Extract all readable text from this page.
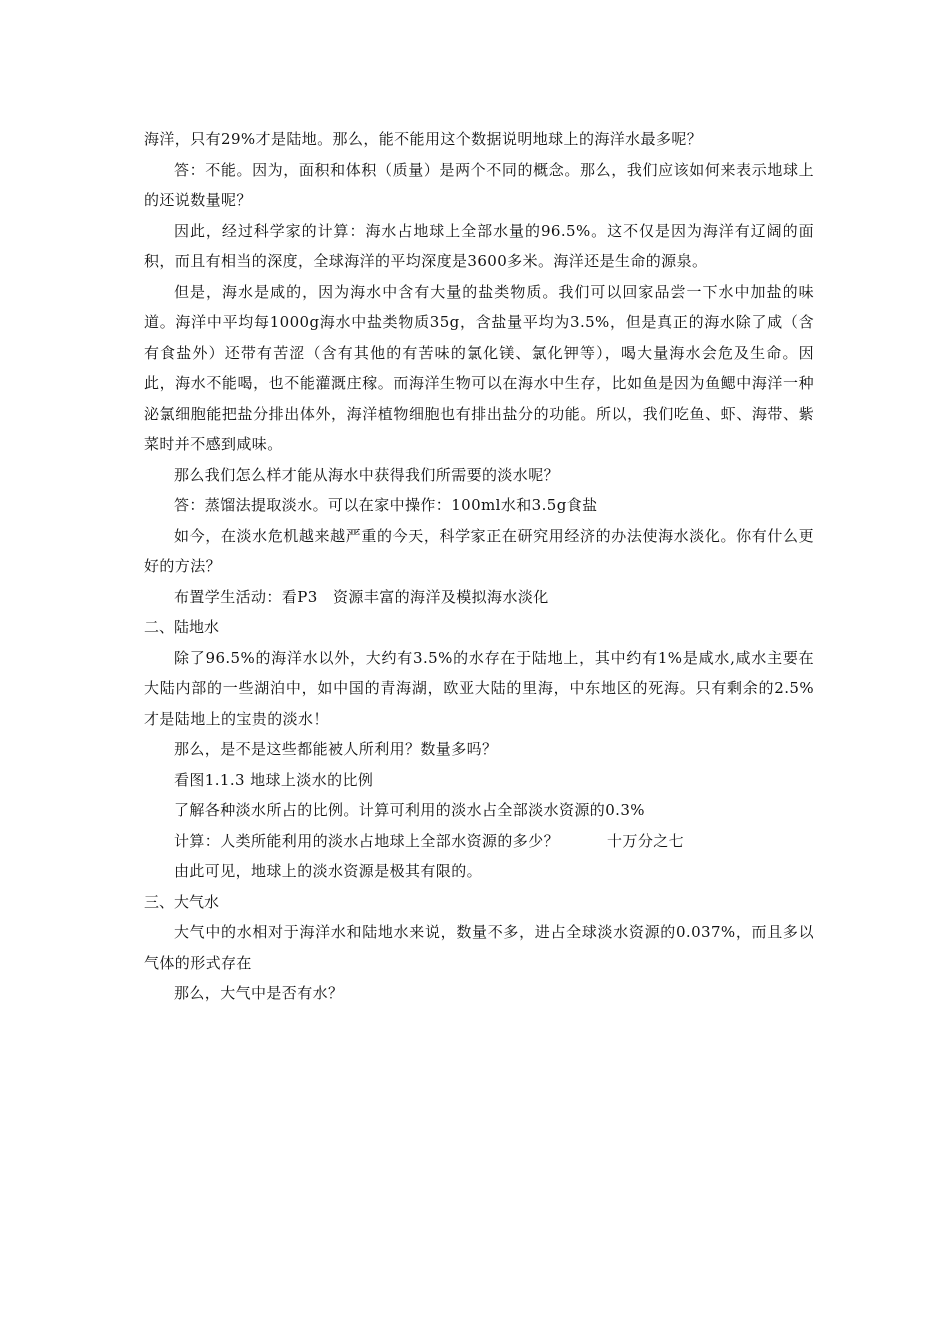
海洋，只有29%才是陆地。那么，能不能用这个数据说明地球上的海洋水最多呢？

答：不能。因为，面积和体积（质量）是两个不同的概念。那么，我们应该如何来表示地球上的还说数量呢？

因此，经过科学家的计算：海水占地球上全部水量的96.5%。这不仅是因为海洋有辽阔的面积，而且有相当的深度，全球海洋的平均深度是3600多米。海洋还是生命的源泉。

但是，海水是咸的，因为海水中含有大量的盐类物质。我们可以回家品尝一下水中加盐的味道。海洋中平均每1000g海水中盐类物质35g，含盐量平均为3.5%，但是真正的海水除了咸（含有食盐外）还带有苦涩（含有其他的有苦味的氯化镁、氯化钾等），喝大量海水会危及生命。因此，海水不能喝，也不能灌溉庄稼。而海洋生物可以在海水中生存，比如鱼是因为鱼鳃中海洋一种泌氯细胞能把盐分排出体外，海洋植物细胞也有排出盐分的功能。所以，我们吃鱼、虾、海带、紫菜时并不感到咸味。

那么我们怎么样才能从海水中获得我们所需要的淡水呢？

答：蒸馏法提取淡水。可以在家中操作：100ml水和3.5g食盐

如今，在淡水危机越来越严重的今天，科学家正在研究用经济的办法使海水淡化。你有什么更好的方法？

布置学生活动：看P3　资源丰富的海洋及模拟海水淡化

二、陆地水

除了96.5%的海洋水以外，大约有3.5%的水存在于陆地上，其中约有1%是咸水,咸水主要在大陆内部的一些湖泊中，如中国的青海湖，欧亚大陆的里海，中东地区的死海。只有剩余的2.5%才是陆地上的宝贵的淡水！

那么，是不是这些都能被人所利用？数量多吗？

看图1.1.3 地球上淡水的比例

了解各种淡水所占的比例。计算可利用的淡水占全部淡水资源的0.3%

计算：人类所能利用的淡水占地球上全部水资源的多少？	十万分之七

由此可见，地球上的淡水资源是极其有限的。

三、大气水

大气中的水相对于海洋水和陆地水来说，数量不多，进占全球淡水资源的0.037%，而且多以气体的形式存在

那么，大气中是否有水？
